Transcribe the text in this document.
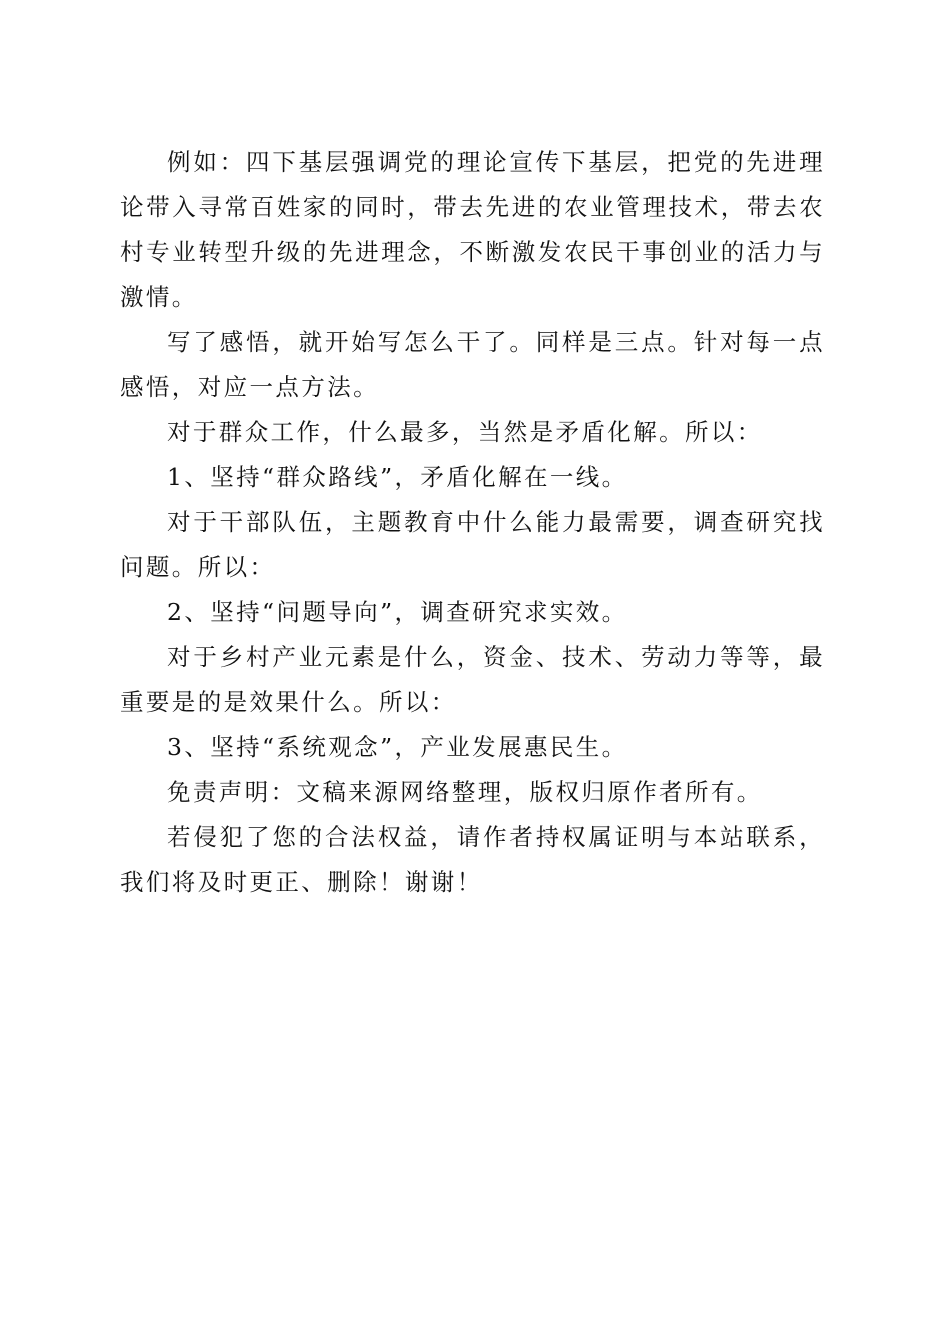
例如：四下基层强调党的理论宣传下基层，把党的先进理论带入寻常百姓家的同时，带去先进的农业管理技术，带去农村专业转型升级的先进理念，不断激发农民干事创业的活力与激情。

写了感悟，就开始写怎么干了。同样是三点。针对每一点感悟，对应一点方法。

对于群众工作，什么最多，当然是矛盾化解。所以：

1、坚持“群众路线”，矛盾化解在一线。

对于干部队伍，主题教育中什么能力最需要，调查研究找问题。所以：

2、坚持“问题导向”，调查研究求实效。

对于乡村产业元素是什么，资金、技术、劳动力等等，最重要是的是效果什么。所以：

3、坚持“系统观念”，产业发展惠民生。

免责声明：文稿来源网络整理，版权归原作者所有。

若侵犯了您的合法权益，请作者持权属证明与本站联系，我们将及时更正、删除！谢谢！
